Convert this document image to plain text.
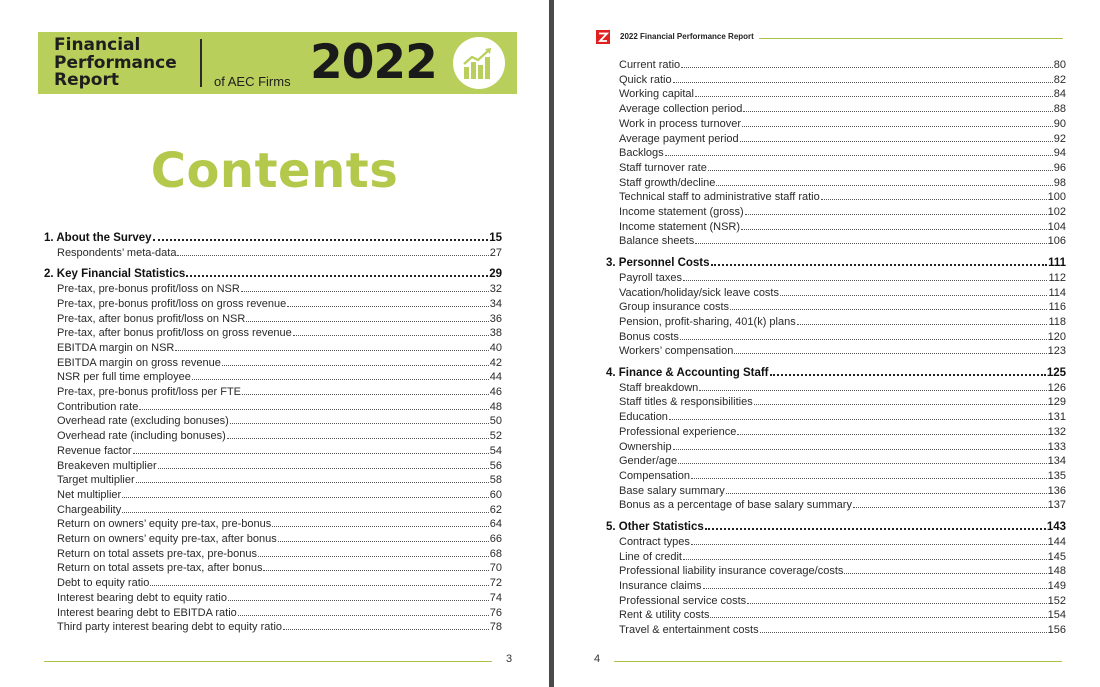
Financial
Performance
Report	of AEC Firms 2022
Contents
1. About the Survey	15
Respondents’ meta-data	27
2. Key Financial Statistics	29
Pre-tax, pre-bonus profit/loss on NSR	32
Pre-tax, pre-bonus profit/loss on gross revenue	34
Pre-tax, after bonus profit/loss on NSR	36
Pre-tax, after bonus profit/loss on gross revenue	38
EBITDA margin on NSR	40
EBITDA margin on gross revenue	42
NSR per full time employee	44
Pre-tax, pre-bonus profit/loss per FTE	46
Contribution rate	48
Overhead rate (excluding bonuses)	50
Overhead rate (including bonuses)	52
Revenue factor	54
Breakeven multiplier	56
Target multiplier	58
Net multiplier	60
Chargeability	62
Return on owners’ equity pre-tax, pre-bonus	64
Return on owners’ equity pre-tax, after bonus	66
Return on total assets pre-tax, pre-bonus	68
Return on total assets pre-tax, after bonus	70
Debt to equity ratio	72
Interest bearing debt to equity ratio	74
Interest bearing debt to EBITDA ratio	76
Third party interest bearing debt to equity ratio	78
3
2022 Financial Performance Report
Current ratio	80
Quick ratio	82
Working capital	84
Average collection period	88
Work in process turnover	90
Average payment period	92
Backlogs	94
Staff turnover rate	96
Staff growth/decline	98
Technical staff to administrative staff ratio	100
Income statement (gross)	102
Income statement (NSR)	104
Balance sheets	106
3. Personnel Costs	111
Payroll taxes	112
Vacation/holiday/sick leave costs	114
Group insurance costs	116
Pension, profit-sharing, 401(k) plans	118
Bonus costs	120
Workers’ compensation	123
4. Finance & Accounting Staff	125
Staff breakdown	126
Staff titles & responsibilities	129
Education	131
Professional experience	132
Ownership	133
Gender/age	134
Compensation	135
Base salary summary	136
Bonus as a percentage of base salary summary	137
5. Other Statistics	143
Contract types	144
Line of credit	145
Professional liability insurance coverage/costs	148
Insurance claims	149
Professional service costs	152
Rent & utility costs	154
Travel & entertainment costs	156
4
